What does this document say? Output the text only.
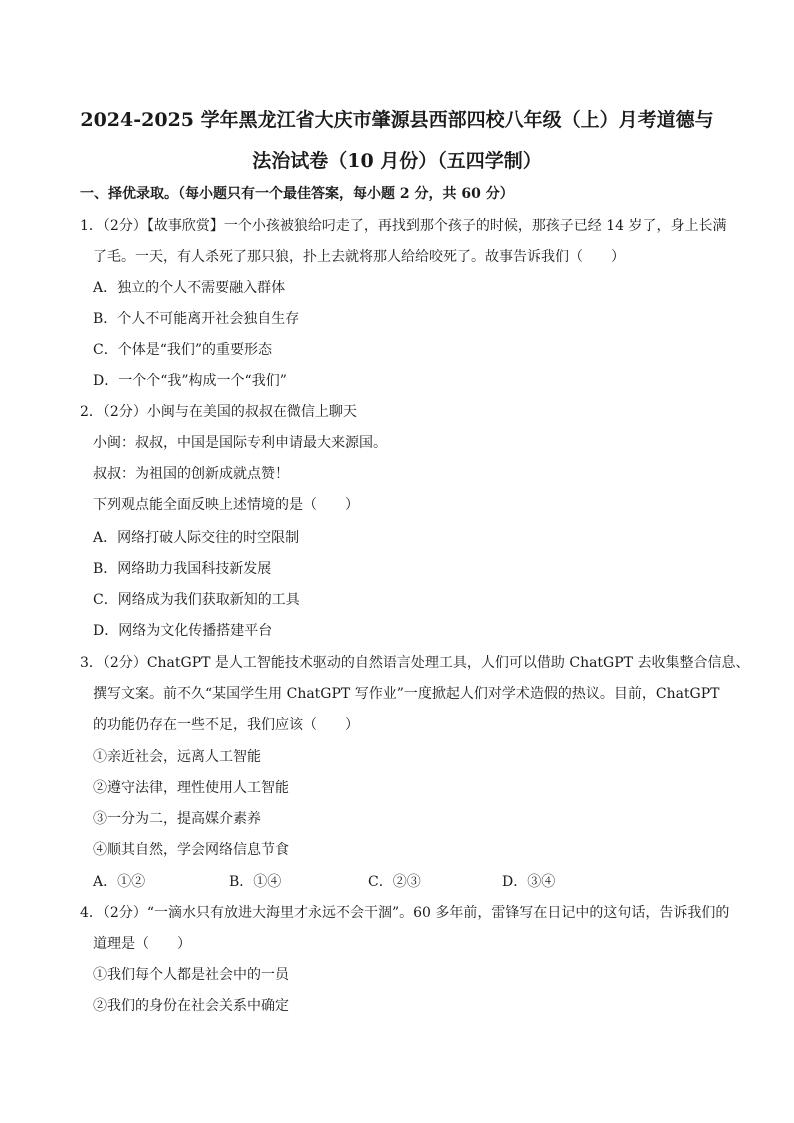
2024-2025 学年黑龙江省大庆市肇源县西部四校八年级（上）月考道德与
法治试卷（10 月份）（五四学制）
一、择优录取。（每小题只有一个最佳答案，每小题 2 分，共 60 分）
1．（2分）【故事欣赏】一个小孩被狼给叼走了，再找到那个孩子的时候，那孩子已经 14 岁了，身上长满
了毛。一天，有人杀死了那只狼，扑上去就将那人给给咬死了。故事告诉我们（　　）
A．独立的个人不需要融入群体
B．个人不可能离开社会独自生存
C．个体是“我们”的重要形态
D．一个个“我”构成一个“我们”
2．（2分）小闽与在美国的叔叔在微信上聊天
小闽：叔叔，中国是国际专利申请最大来源国。
叔叔：为祖国的创新成就点赞！
下列观点能全面反映上述情境的是（　　）
A．网络打破人际交往的时空限制
B．网络助力我国科技新发展
C．网络成为我们获取新知的工具
D．网络为文化传播搭建平台
3．（2分）ChatGPT 是人工智能技术驱动的自然语言处理工具，人们可以借助 ChatGPT 去收集整合信息、
撰写文案。前不久“某国学生用 ChatGPT 写作业”一度掀起人们对学术造假的热议。目前，ChatGPT
的功能仍存在一些不足，我们应该（　　）
①亲近社会，远离人工智能
②遵守法律，理性使用人工智能
③一分为二，提高媒介素养
④顺其自然，学会网络信息节食
A．①②	B．①④	C．②③	D．③④
4．（2分）“一滴水只有放进大海里才永远不会干涸”。60 多年前，雷锋写在日记中的这句话，告诉我们的
道理是（　　）
①我们每个人都是社会中的一员
②我们的身份在社会关系中确定
